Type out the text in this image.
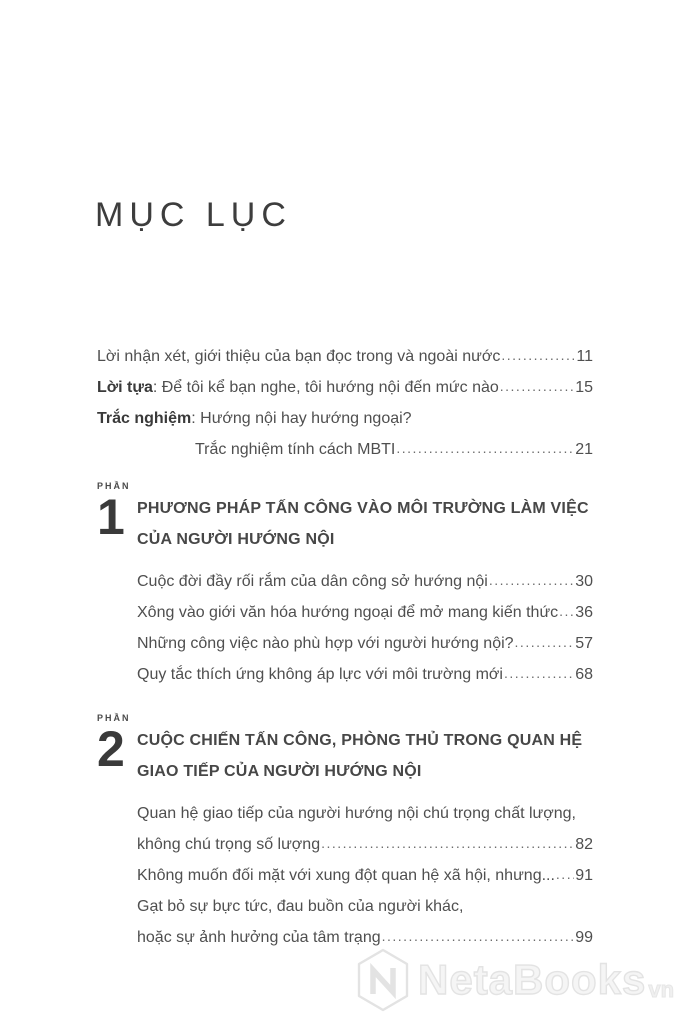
MỤC LỤC
Lời nhận xét, giới thiệu của bạn đọc trong và ngoài nước .....	11
Lời tựa : Để tôi kể bạn nghe, tôi hướng nội đến mức nào .....	15
Trắc nghiệm : Hướng nội hay hướng ngoại?
Trắc nghiệm tính cách MBTI .....	21
PHẦN
1 PHƯƠNG PHÁP TẤN CÔNG VÀO MÔI TRƯỜNG LÀM VIỆC
CỦA NGƯỜI HƯỚNG NỘI
Cuộc đời đầy rối rắm của dân công sở hướng nội .....	30
Xông vào giới văn hóa hướng ngoại để mở mang kiến thức ..... 36
Những công việc nào phù hợp với người hướng nội? .....	57
Quy tắc thích ứng không áp lực với môi trường mới .....	68
PHẦN
2 CUỘC CHIẾN TẤN CÔNG, PHÒNG THỦ TRONG QUAN HỆ
GIAO TIẾP CỦA NGƯỜI HƯỚNG NỘI
Quan hệ giao tiếp của người hướng nội chú trọng chất lượng,
không chú trọng số lượng .....	82
Không muốn đối mặt với xung đột quan hệ xã hội, nhưng... ..... 91
Gạt bỏ sự bực tức, đau buồn của người khác,
hoặc sự ảnh hưởng của tâm trạng .....	99
NetaBooks vn
